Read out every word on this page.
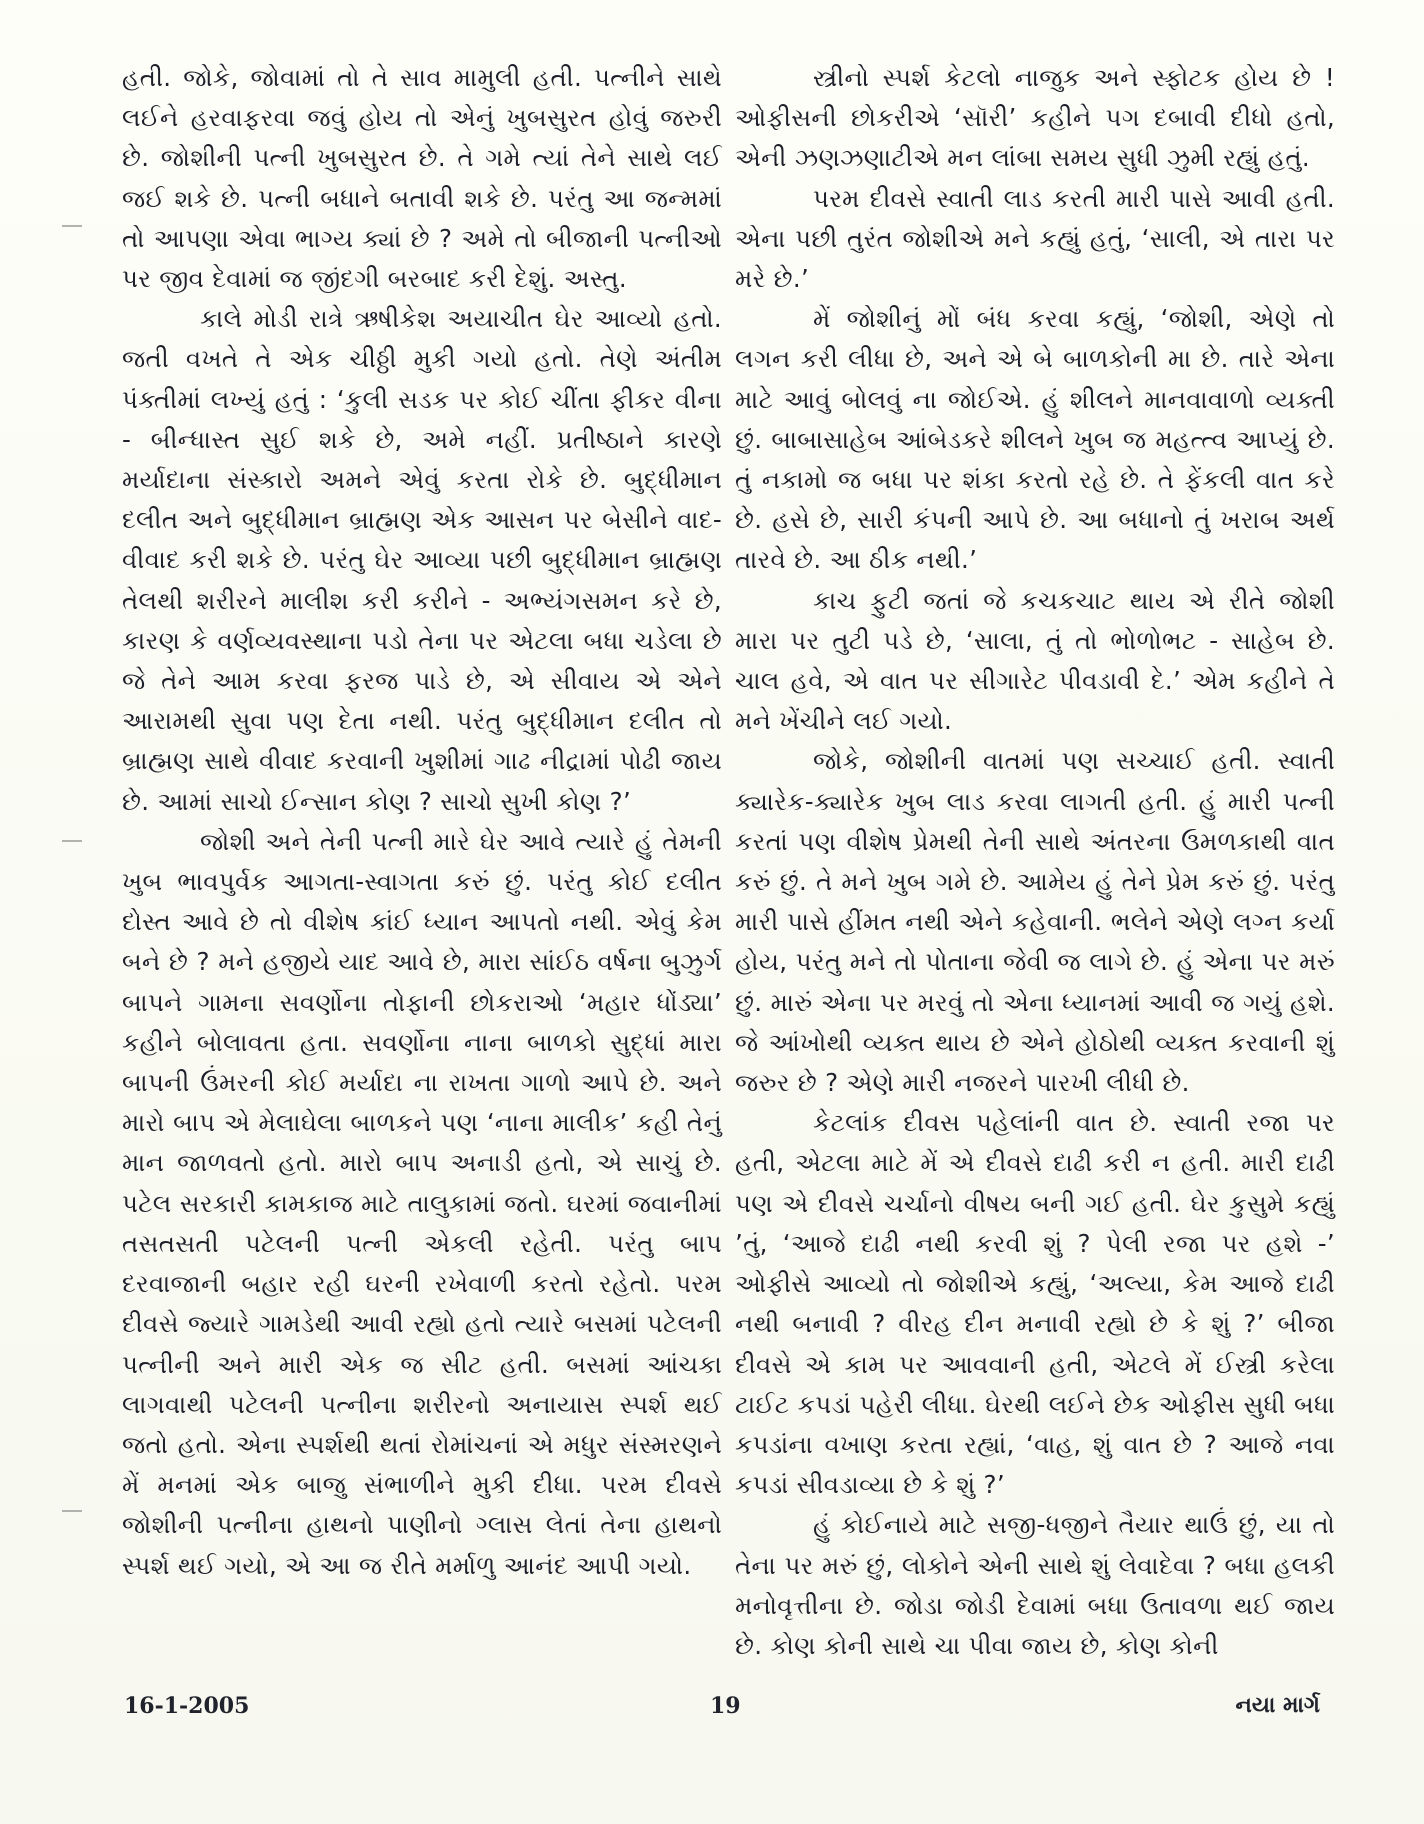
હતી. જોકે, જોવામાં તો તે સાવ મામુલી હતી. પત્નીને સાથે લઈને હરવાફરવા જવું હોય તો એનું ખુબસુરત હોવું જરુરી છે. જોશીની પત્ની ખુબસુરત છે. તે ગમે ત્યાં તેને સાથે લઈ જઈ શકે છે. પત્ની બધાને બતાવી શકે છે. પરંતુ આ જન્મમાં તો આપણા એવા ભાગ્ય ક્યાં છે ? અમે તો બીજાની પત્નીઓ પર જીવ દેવામાં જ જીંદગી બરબાદ કરી દેશું. અસ્તુ.

કાલે મોડી રાત્રે ઋષીકેશ અયાચીત ઘેર આવ્યો હતો. જતી વખતે તે એક ચીઠ્ઠી મુકી ગયો હતો. તેણે અંતીમ પંક્તીમાં લખ્યું હતું : ‘કુલી સડક પર કોઈ ચીંતા ફીકર વીના - બીન્ધાસ્ત સુઈ શકે છે, અમે નહીં. પ્રતીષ્ઠાને કારણે મર્યાદાના સંસ્કારો અમને એવું કરતા રોકે છે. બુદ્ધીમાન દલીત અને બુદ્ધીમાન બ્રાહ્મણ એક આસન પર બેસીને વાદ-વીવાદ કરી શકે છે. પરંતુ ઘેર આવ્યા પછી બુદ્ધીમાન બ્રાહ્મણ તેલથી શરીરને માલીશ કરી કરીને - અભ્યંગસમન કરે છે, કારણ કે વર્ણવ્યવસ્થાના પડો તેના પર એટલા બધા ચડેલા છે જે તેને આમ કરવા ફરજ પાડે છે, એ સીવાય એ એને આરામથી સુવા પણ દેતા નથી. પરંતુ બુદ્ધીમાન દલીત તો બ્રાહ્મણ સાથે વીવાદ કરવાની ખુશીમાં ગાઢ નીદ્રામાં પોઢી જાય છે. આમાં સાચો ઈન્સાન કોણ ? સાચો સુખી કોણ ?’

જોશી અને તેની પત્ની મારે ઘેર આવે ત્યારે હું તેમની ખુબ ભાવપુર્વક આગતા-સ્વાગતા કરું છું. પરંતુ કોઈ દલીત દોસ્ત આવે છે તો વીશેષ કાંઈ ધ્યાન આપતો નથી. એવું કેમ બને છે ? મને હજીયે યાદ આવે છે, મારા સાંઈઠ વર્ષના બુઝુર્ગ બાપને ગામના સવર્ણોના તોફાની છોકરાઓ ‘મહાર ધોંડ્યા’ કહીને બોલાવતા હતા. સવર્ણોના નાના બાળકો સુદ્ધાં મારા બાપની ઉંમરની કોઈ મર્યાદા ના રાખતા ગાળો આપે છે. અને મારો બાપ એ મેલાઘેલા બાળકને પણ ‘નાના માલીક’ કહી તેનું માન જાળવતો હતો. મારો બાપ અનાડી હતો, એ સાચું છે. પટેલ સરકારી કામકાજ માટે તાલુકામાં જતો. ઘરમાં જવાનીમાં તસતસતી પટેલની પત્ની એકલી રહેતી. પરંતુ બાપ દરવાજાની બહાર રહી ઘરની રખેવાળી કરતો રહેતો. પરમ દીવસે જ્યારે ગામડેથી આવી રહ્યો હતો ત્યારે બસમાં પટેલની પત્નીની અને મારી એક જ સીટ હતી. બસમાં આંચકા લાગવાથી પટેલની પત્નીના શરીરનો અનાયાસ સ્પર્શ થઈ જતો હતો. એના સ્પર્શથી થતાં રોમાંચનાં એ મધુર સંસ્મરણને મેં મનમાં એક બાજુ સંભાળીને મુકી દીધા. પરમ દીવસે જોશીની પત્નીના હાથનો પાણીનો ગ્લાસ લેતાં તેના હાથનો સ્પર્શ થઈ ગયો, એ આ જ રીતે મર્માળુ આનંદ આપી ગયો.

સ્ત્રીનો સ્પર્શ કેટલો નાજુક અને સ્ફોટક હોય છે ! ઓફીસની છોકરીએ ‘સૉરી’ કહીને પગ દબાવી દીધો હતો, એની ઝણઝણાટીએ મન લાંબા સમય સુધી ઝુમી રહ્યું હતું.

પરમ દીવસે સ્વાતી લાડ કરતી મારી પાસે આવી હતી. એના પછી તુરંત જોશીએ મને કહ્યું હતું, ‘સાલી, એ તારા પર મરે છે.’

મેં જોશીનું મોં બંધ કરવા કહ્યું, ‘જોશી, એણે તો લગન કરી લીધા છે, અને એ બે બાળકોની મા છે. તારે એના માટે આવું બોલવું ના જોઈએ. હું શીલને માનવાવાળો વ્યક્તી છું. બાબાસાહેબ આંબેડકરે શીલને ખુબ જ મહત્ત્વ આપ્યું છે. તું નકામો જ બધા પર શંકા કરતો રહે છે. તે ફેંકલી વાત કરે છે. હસે છે, સારી કંપની આપે છે. આ બધાનો તું ખરાબ અર્થ તારવે છે. આ ઠીક નથી.’

કાચ ફુટી જતાં જે કચકચાટ થાય એ રીતે જોશી મારા પર તુટી પડે છે, ‘સાલા, તું તો ભોળોભટ - સાહેબ છે. ચાલ હવે, એ વાત પર સીગારેટ પીવડાવી દે.’ એમ કહીને તે મને ખેંચીને લઈ ગયો.

જોકે, જોશીની વાતમાં પણ સચ્ચાઈ હતી. સ્વાતી ક્યારેક-ક્યારેક ખુબ લાડ કરવા લાગતી હતી. હું મારી પત્ની કરતાં પણ વીશેષ પ્રેમથી તેની સાથે અંતરના ઉમળકાથી વાત કરું છું. તે મને ખુબ ગમે છે. આમેય હું તેને પ્રેમ કરું છું. પરંતુ મારી પાસે હીંમત નથી એને કહેવાની. ભલેને એણે લગ્ન કર્યા હોય, પરંતુ મને તો પોતાના જેવી જ લાગે છે. હું એના પર મરું છું. મારું એના પર મરવું તો એના ધ્યાનમાં આવી જ ગયું હશે. જે આંખોથી વ્યક્ત થાય છે એને હોઠોથી વ્યક્ત કરવાની શું જરુર છે ? એણે મારી નજરને પારખી લીધી છે.

કેટલાંક દીવસ પહેલાંની વાત છે. સ્વાતી રજા પર હતી, એટલા માટે મેં એ દીવસે દાઢી કરી ન હતી. મારી દાઢી પણ એ દીવસે ચર્ચાનો વીષય બની ગઈ હતી. ઘેર કુસુમે કહ્યું ’તું, ‘આજે દાઢી નથી કરવી શું ? પેલી રજા પર હશે -’ ઓફીસે આવ્યો તો જોશીએ કહ્યું, ‘અલ્યા, કેમ આજે દાઢી નથી બનાવી ? વીરહ દીન મનાવી રહ્યો છે કે શું ?’ બીજા દીવસે એ કામ પર આવવાની હતી, એટલે મેં ઈસ્ત્રી કરેલા ટાઈટ કપડાં પહેરી લીધા. ઘેરથી લઈને છેક ઓફીસ સુધી બધા કપડાંના વખાણ કરતા રહ્યાં, ‘વાહ, શું વાત છે ? આજે નવા કપડાં સીવડાવ્યા છે કે શું ?’

હું કોઈનાયે માટે સજી-ધજીને તૈયાર થાઉં છું, યા તો તેના પર મરું છું, લોકોને એની સાથે શું લેવાદેવા ? બધા હલકી મનોવૃત્તીના છે. જોડા જોડી દેવામાં બધા ઉતાવળા થઈ જાય છે. કોણ કોની સાથે ચા પીવા જાય છે, કોણ કોની

16-1-2005	19	નયા માર્ગ
